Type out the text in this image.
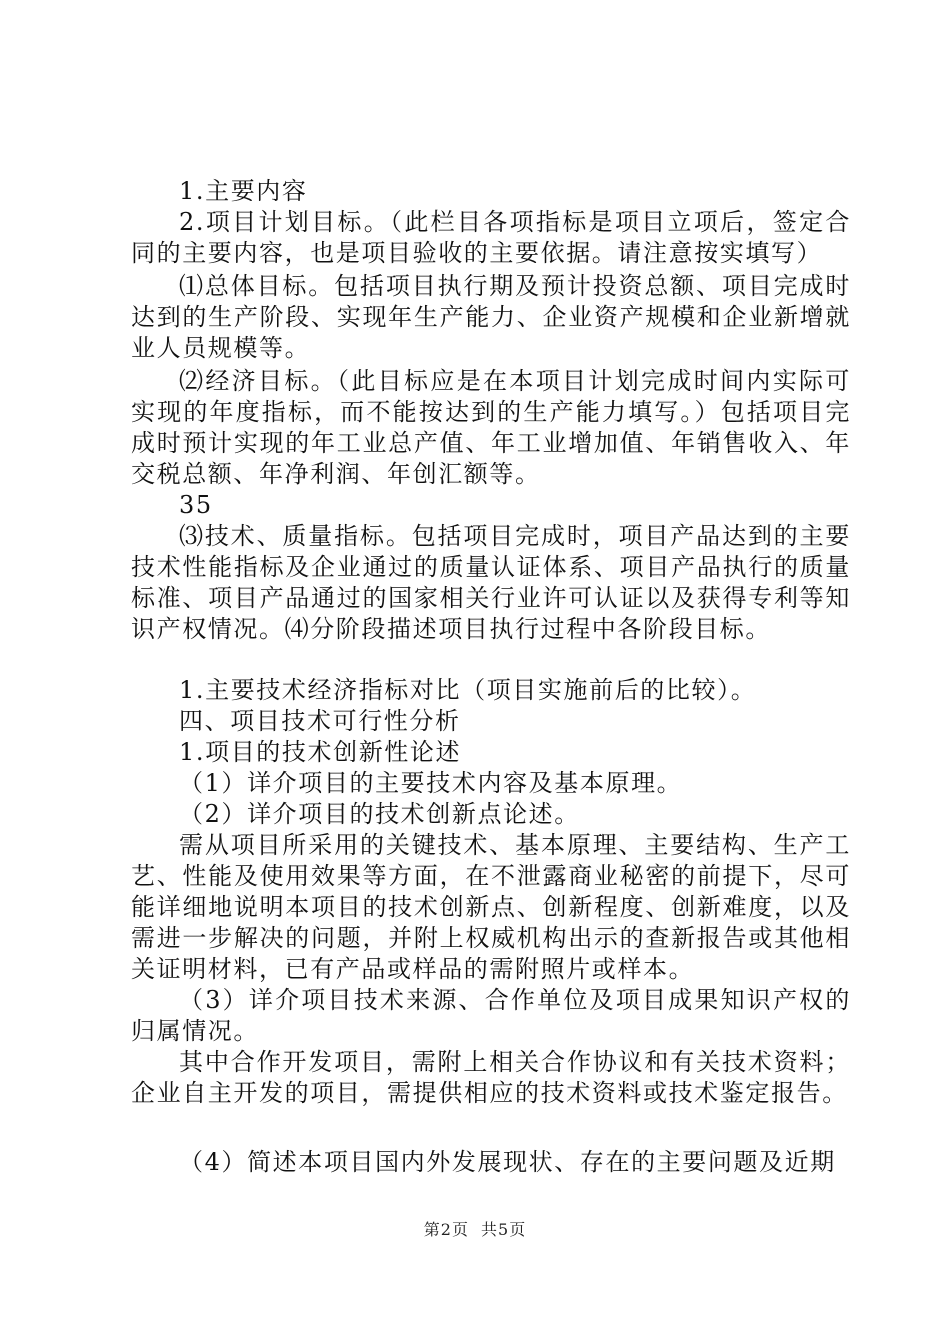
1.主要内容

2.项目计划目标。（此栏目各项指标是项目立项后，签定合同的主要内容，也是项目验收的主要依据。请注意按实填写）

⑴总体目标。包括项目执行期及预计投资总额、项目完成时达到的生产阶段、实现年生产能力、企业资产规模和企业新增就业人员规模等。

⑵经济目标。（此目标应是在本项目计划完成时间内实际可实现的年度指标，而不能按达到的生产能力填写。）包括项目完成时预计实现的年工业总产值、年工业增加值、年销售收入、年交税总额、年净利润、年创汇额等。

35

⑶技术、质量指标。包括项目完成时，项目产品达到的主要技术性能指标及企业通过的质量认证体系、项目产品执行的质量标准、项目产品通过的国家相关行业许可认证以及获得专利等知识产权情况。⑷分阶段描述项目执行过程中各阶段目标。

1.主要技术经济指标对比（项目实施前后的比较）。

四、项目技术可行性分析

1.项目的技术创新性论述

（1）详介项目的主要技术内容及基本原理。

（2）详介项目的技术创新点论述。

需从项目所采用的关键技术、基本原理、主要结构、生产工艺、性能及使用效果等方面，在不泄露商业秘密的前提下，尽可能详细地说明本项目的技术创新点、创新程度、创新难度，以及需进一步解决的问题，并附上权威机构出示的查新报告或其他相关证明材料，已有产品或样品的需附照片或样本。

（3）详介项目技术来源、合作单位及项目成果知识产权的归属情况。

其中合作开发项目，需附上相关合作协议和有关技术资料；企业自主开发的项目，需提供相应的技术资料或技术鉴定报告。

（4）简述本项目国内外发展现状、存在的主要问题及近期

第2页 共5页
